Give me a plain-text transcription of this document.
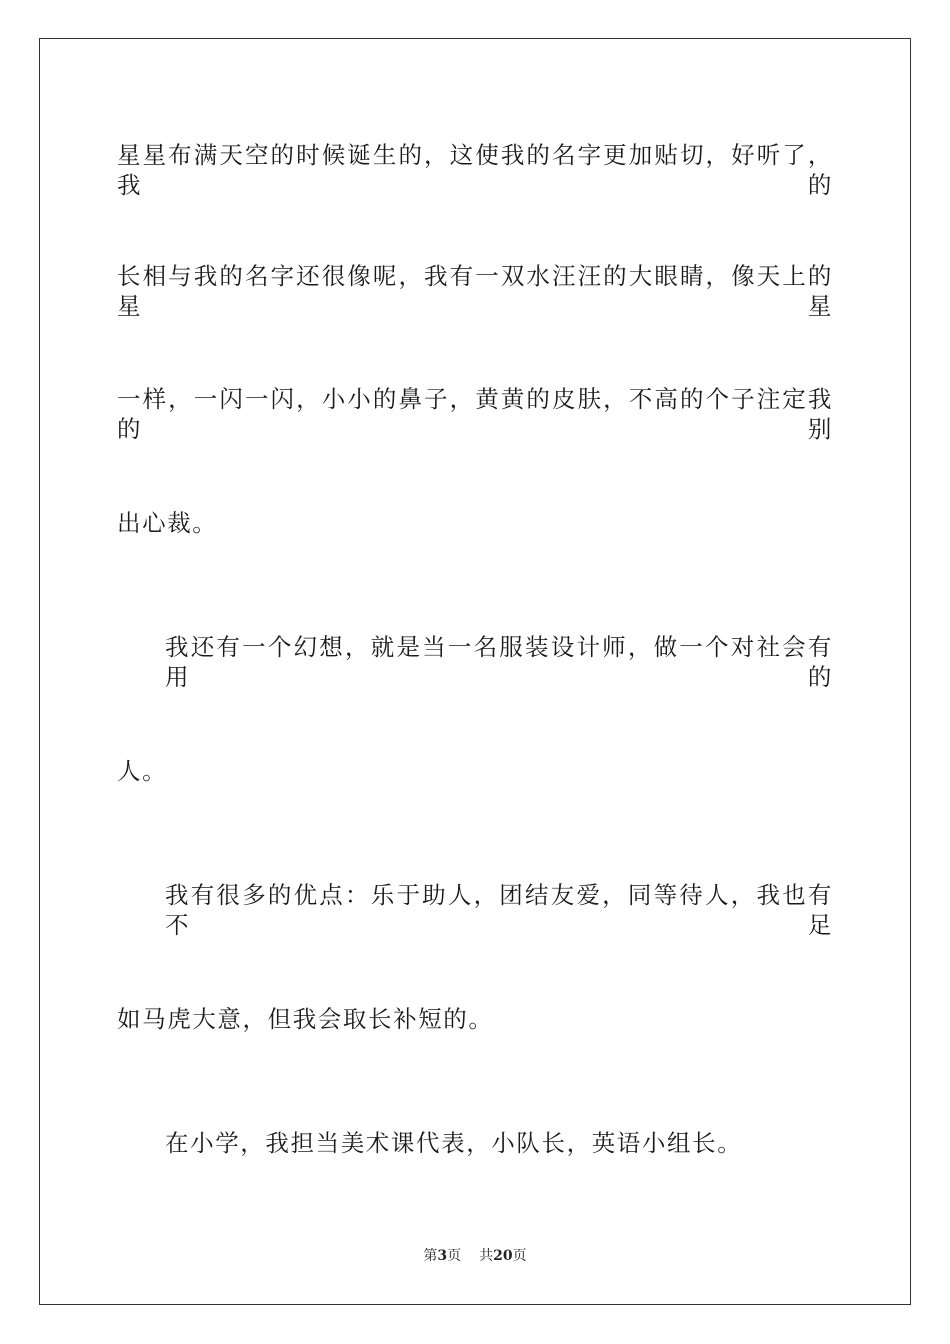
星星布满天空的时候诞生的，这使我的名字更加贴切，好听了，我的
长相与我的名字还很像呢，我有一双水汪汪的大眼睛，像天上的星星
一样，一闪一闪，小小的鼻子，黄黄的皮肤，不高的个子注定我的别
出心裁。
我还有一个幻想，就是当一名服装设计师，做一个对社会有用的
人。
我有很多的优点：乐于助人，团结友爱，同等待人，我也有不足
如马虎大意，但我会取长补短的。
在小学，我担当美术课代表，小队长，英语小组长。
第3页 共20页
